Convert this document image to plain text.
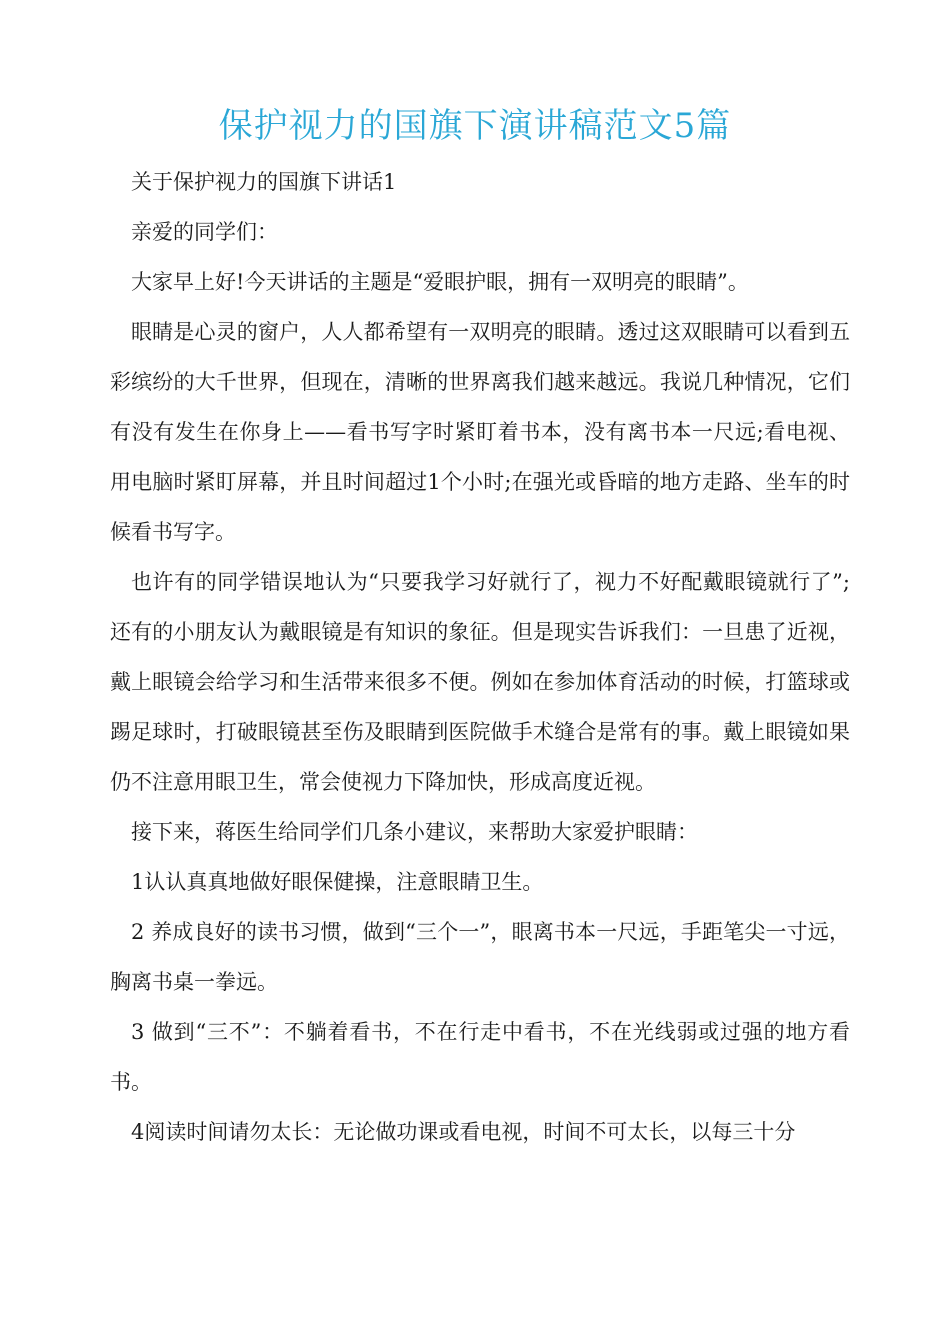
保护视力的国旗下演讲稿范文5篇

关于保护视力的国旗下讲话1

亲爱的同学们：

大家早上好!今天讲话的主题是“爱眼护眼，拥有一双明亮的眼睛”。

眼睛是心灵的窗户，人人都希望有一双明亮的眼睛。透过这双眼睛可以看到五彩缤纷的大千世界，但现在，清晰的世界离我们越来越远。我说几种情况，它们有没有发生在你身上——看书写字时紧盯着书本，没有离书本一尺远;看电视、用电脑时紧盯屏幕，并且时间超过1个小时;在强光或昏暗的地方走路、坐车的时候看书写字。

也许有的同学错误地认为“只要我学习好就行了，视力不好配戴眼镜就行了”;还有的小朋友认为戴眼镜是有知识的象征。但是现实告诉我们：一旦患了近视，戴上眼镜会给学习和生活带来很多不便。例如在参加体育活动的时候，打篮球或踢足球时，打破眼镜甚至伤及眼睛到医院做手术缝合是常有的事。戴上眼镜如果仍不注意用眼卫生，常会使视力下降加快，形成高度近视。

接下来，蒋医生给同学们几条小建议，来帮助大家爱护眼睛：

1认认真真地做好眼保健操，注意眼睛卫生。

2 养成良好的读书习惯，做到“三个一”，眼离书本一尺远，手距笔尖一寸远，胸离书桌一拳远。

3 做到“三不”：不躺着看书，不在行走中看书，不在光线弱或过强的地方看书。

4阅读时间请勿太长：无论做功课或看电视，时间不可太长，以每三十分
